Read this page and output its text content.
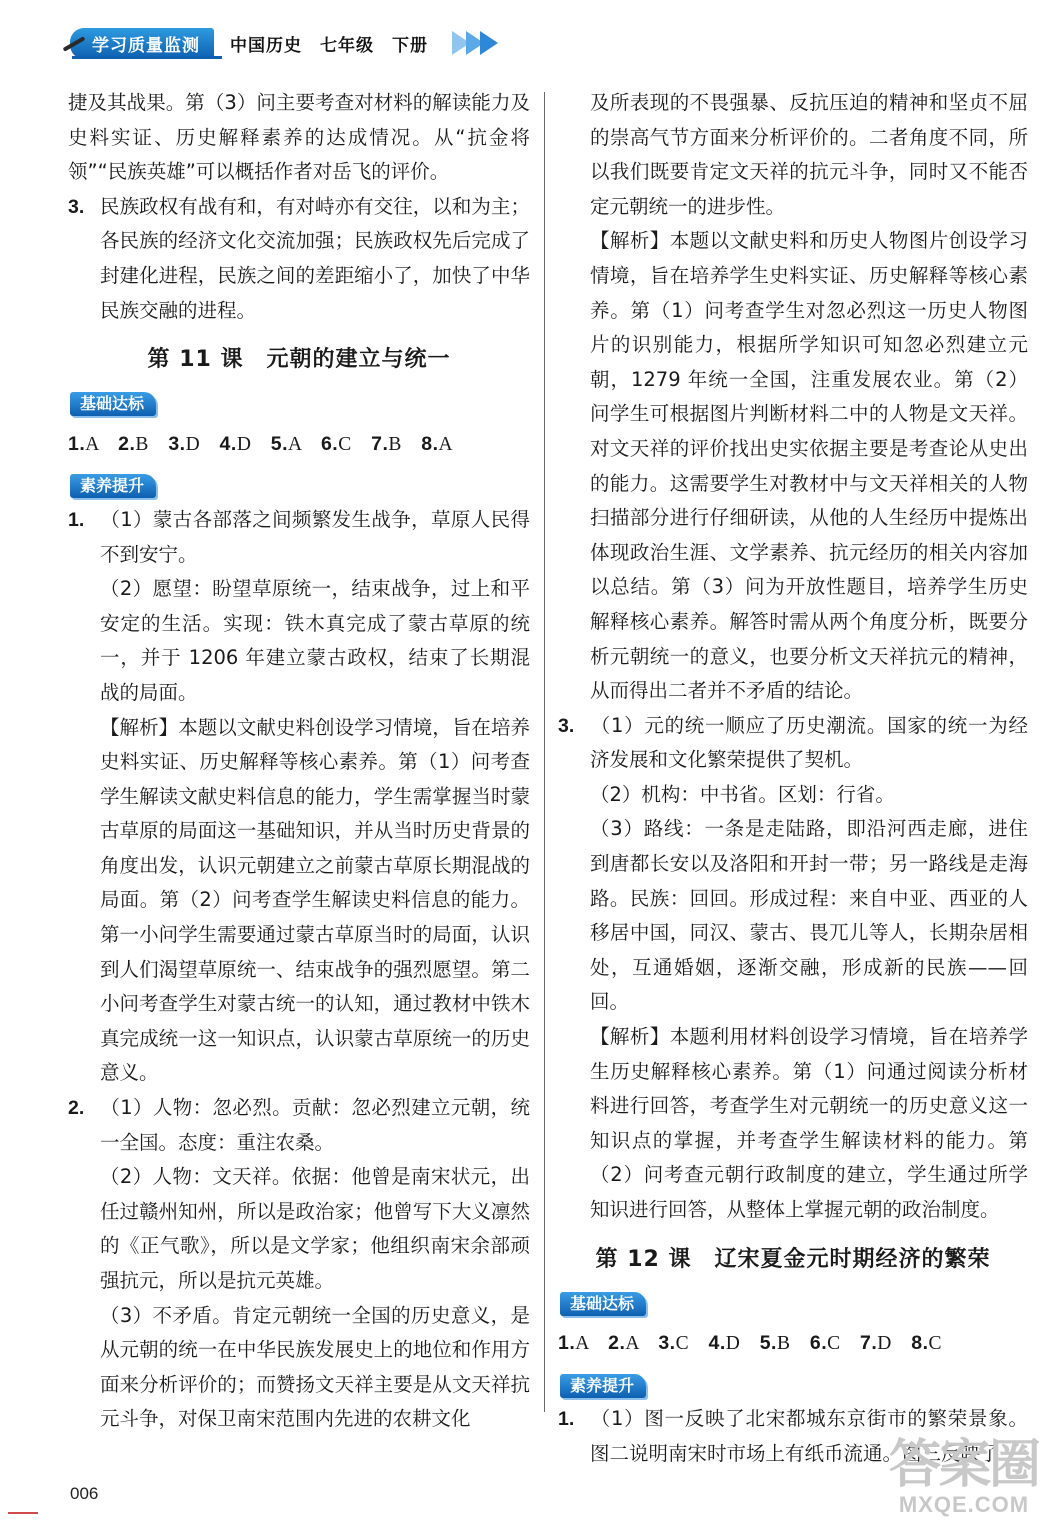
学习质量监测	中国历史　七年级　下册

捷及其战果。第（3）问主要考查对材料的解读能力及史料实证、历史解释素养的达成情况。从“抗金将领”“民族英雄”可以概括作者对岳飞的评价。

3. 民族政权有战有和，有对峙亦有交往，以和为主；各民族的经济文化交流加强；民族政权先后完成了封建化进程，民族之间的差距缩小了，加快了中华民族交融的进程。

第 11 课　元朝的建立与统一
基础达标
1.A 2.B 3.D 4.D 5.A 6.C 7.B 8.A
素养提升

1. （1）蒙古各部落之间频繁发生战争，草原人民得不到安宁。

（2）愿望：盼望草原统一，结束战争，过上和平安定的生活。实现：铁木真完成了蒙古草原的统一，并于 1206 年建立蒙古政权，结束了长期混战的局面。

【解析】本题以文献史料创设学习情境，旨在培养史料实证、历史解释等核心素养。第（1）问考查学生解读文献史料信息的能力，学生需掌握当时蒙古草原的局面这一基础知识，并从当时历史背景的角度出发，认识元朝建立之前蒙古草原长期混战的局面。第（2）问考查学生解读史料信息的能力。第一小问学生需要通过蒙古草原当时的局面，认识到人们渴望草原统一、结束战争的强烈愿望。第二小问考查学生对蒙古统一的认知，通过教材中铁木真完成统一这一知识点，认识蒙古草原统一的历史意义。

2. （1）人物：忽必烈。贡献：忽必烈建立元朝，统一全国。态度：重注农桑。

（2）人物：文天祥。依据：他曾是南宋状元，出任过赣州知州，所以是政治家；他曾写下大义凛然的《正气歌》，所以是文学家；他组织南宋余部顽强抗元，所以是抗元英雄。

（3）不矛盾。肯定元朝统一全国的历史意义，是从元朝的统一在中华民族发展史上的地位和作用方面来分析评价的；而赞扬文天祥主要是从文天祥抗元斗争，对保卫南宋范围内先进的农耕文化

及所表现的不畏强暴、反抗压迫的精神和坚贞不屈的崇高气节方面来分析评价的。二者角度不同，所以我们既要肯定文天祥的抗元斗争，同时又不能否定元朝统一的进步性。

【解析】本题以文献史料和历史人物图片创设学习情境，旨在培养学生史料实证、历史解释等核心素养。第（1）问考查学生对忽必烈这一历史人物图片的识别能力，根据所学知识可知忽必烈建立元朝，1279 年统一全国，注重发展农业。第（2）问学生可根据图片判断材料二中的人物是文天祥。对文天祥的评价找出史实依据主要是考查论从史出的能力。这需要学生对教材中与文天祥相关的人物扫描部分进行仔细研读，从他的人生经历中提炼出体现政治生涯、文学素养、抗元经历的相关内容加以总结。第（3）问为开放性题目，培养学生历史解释核心素养。解答时需从两个角度分析，既要分析元朝统一的意义，也要分析文天祥抗元的精神，从而得出二者并不矛盾的结论。

3. （1）元的统一顺应了历史潮流。国家的统一为经济发展和文化繁荣提供了契机。

（2）机构：中书省。区划：行省。

（3）路线：一条是走陆路，即沿河西走廊，进住到唐都长安以及洛阳和开封一带；另一路线是走海路。民族：回回。形成过程：来自中亚、西亚的人移居中国，同汉、蒙古、畏兀儿等人，长期杂居相处，互通婚姻，逐渐交融，形成新的民族——回回。

【解析】本题利用材料创设学习情境，旨在培养学生历史解释核心素养。第（1）问通过阅读分析材料进行回答，考查学生对元朝统一的历史意义这一知识点的掌握，并考查学生解读材料的能力。第（2）问考查元朝行政制度的建立，学生通过所学知识进行回答，从整体上掌握元朝的政治制度。

第 12 课　辽宋夏金元时期经济的繁荣
基础达标
1.A 2.A 3.C 4.D 5.B 6.C 7.D 8.C
素养提升

1. （1）图一反映了北宋都城东京街市的繁荣景象。图二说明南宋时市场上有纸币流通。图三反映了

006	答案圈
MXQE.COM
